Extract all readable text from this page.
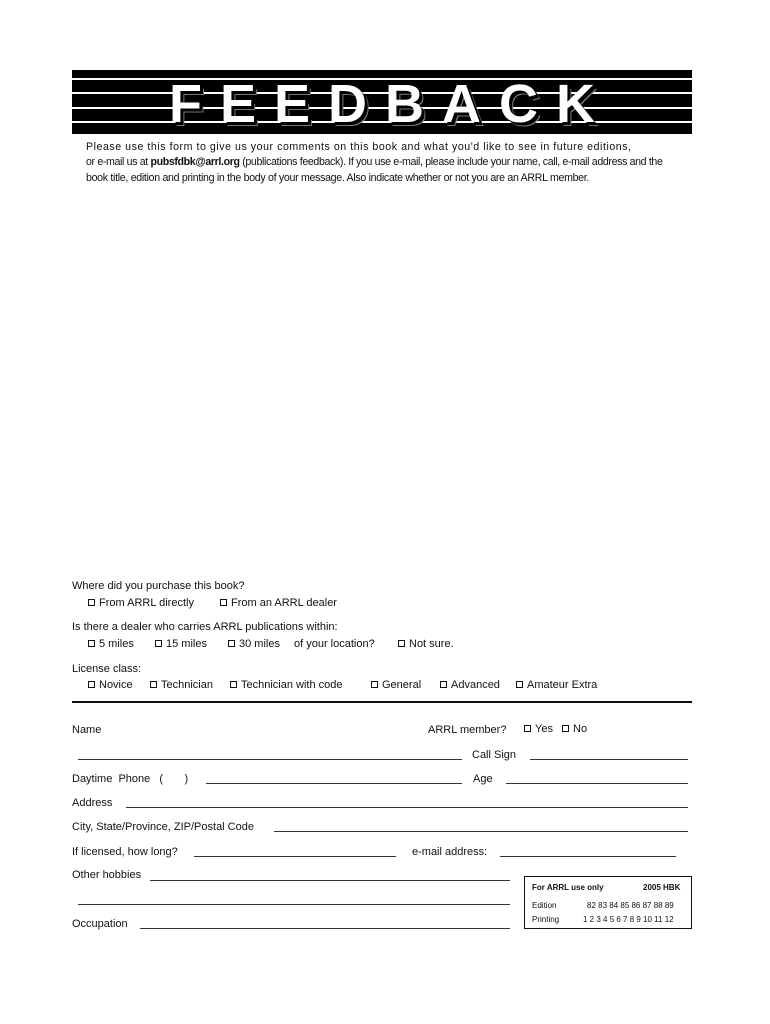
FEEDBACK

Please use this form to give us your comments on this book and what you'd like to see in future editions,

or e-mail us at pubsfdbk@arrl.org (publications feedback). If you use e-mail, please include your name, call, e-mail address and the

book title, edition and printing in the body of your message. Also indicate whether or not you are an ARRL member.

Where did you purchase this book?
From ARRL directly	From an ARRL dealer
Is there a dealer who carries ARRL publications within:
5 miles	15 miles	30 miles of your location?	Not sure.
License class:
Novice	Technician	Technician with code	General	Advanced	Amateur Extra
Name	ARRL member?	Yes	No
Call Sign
Daytime  Phone   (       )	Age
Address
City, State/Province, ZIP/Postal Code
If licensed, how long?	e-mail address:
Other hobbies
Occupation
For ARRL use only	2005 HBK
Edition	82 83 84 85 86 87 88 89
Printing	1 2 3 4 5 6 7 8 9 10 11 12
